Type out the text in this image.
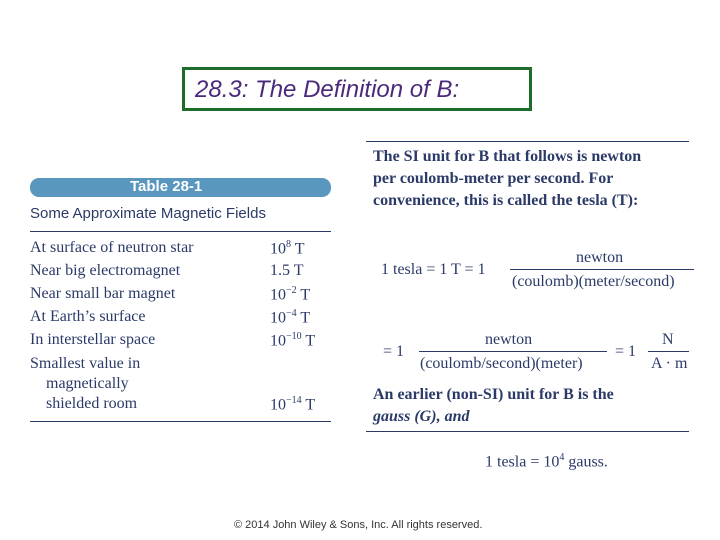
28.3: The Definition of B:
Table 28-1
Some Approximate Magnetic Fields
At surface of neutron star	$10^8$ T
Near big electromagnet	1.5 T
Near small bar magnet	$10^{-2}$ T
At Earth’s surface	$10^{-4}$ T
In interstellar space	$10^{-10}$ T
Smallest value in
magnetically
shielded room	$10^{-14}$ T
The SI unit for B that follows is newton
per coulomb-meter per second. For
convenience, this is called the tesla (T):
1 tesla = 1 T = 1
newton
(coulomb)(meter/second)
= 1
newton
(coulomb/second)(meter)
= 1
N
A · m
An earlier (non-SI) unit for B is the
gauss (G), and
1 tesla = $10^4$ gauss.
© 2014 John Wiley & Sons, Inc. All rights reserved.
